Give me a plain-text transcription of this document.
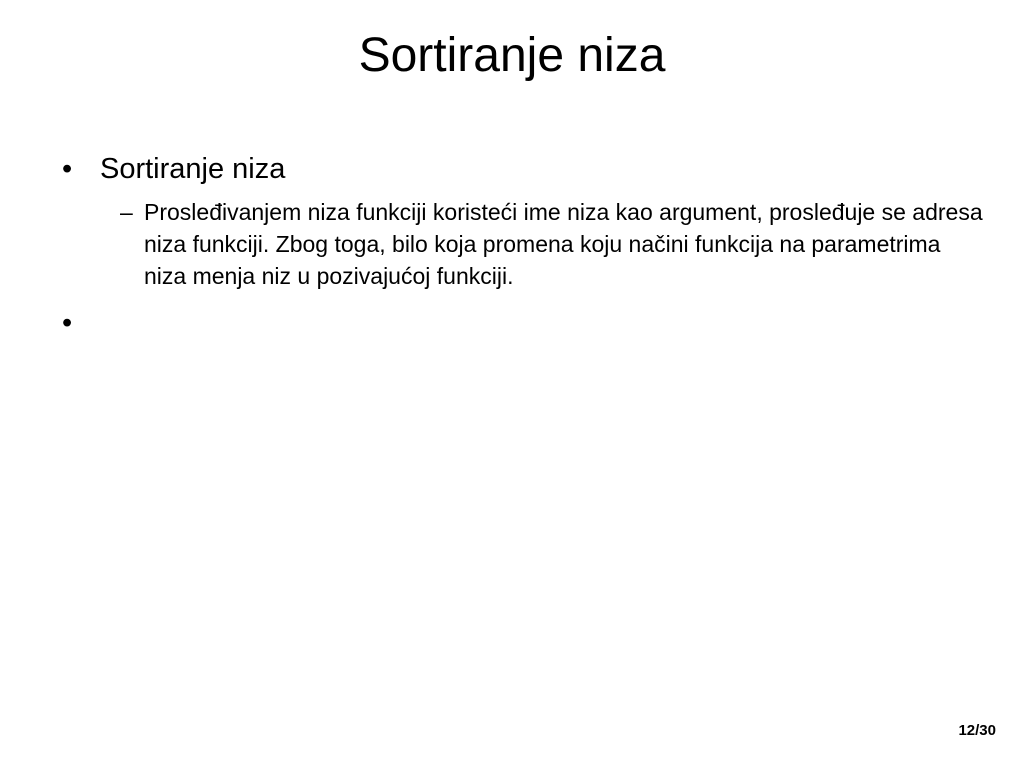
Sortiranje niza
• Sortiranje niza
– Prosleđivanjem niza funkciji koristeći ime niza kao argument, prosleđuje se adresa niza funkciji. Zbog toga, bilo koja promena koju načini funkcija na parametrima niza menja niz u pozivajućoj funkciji.
•
12/30
